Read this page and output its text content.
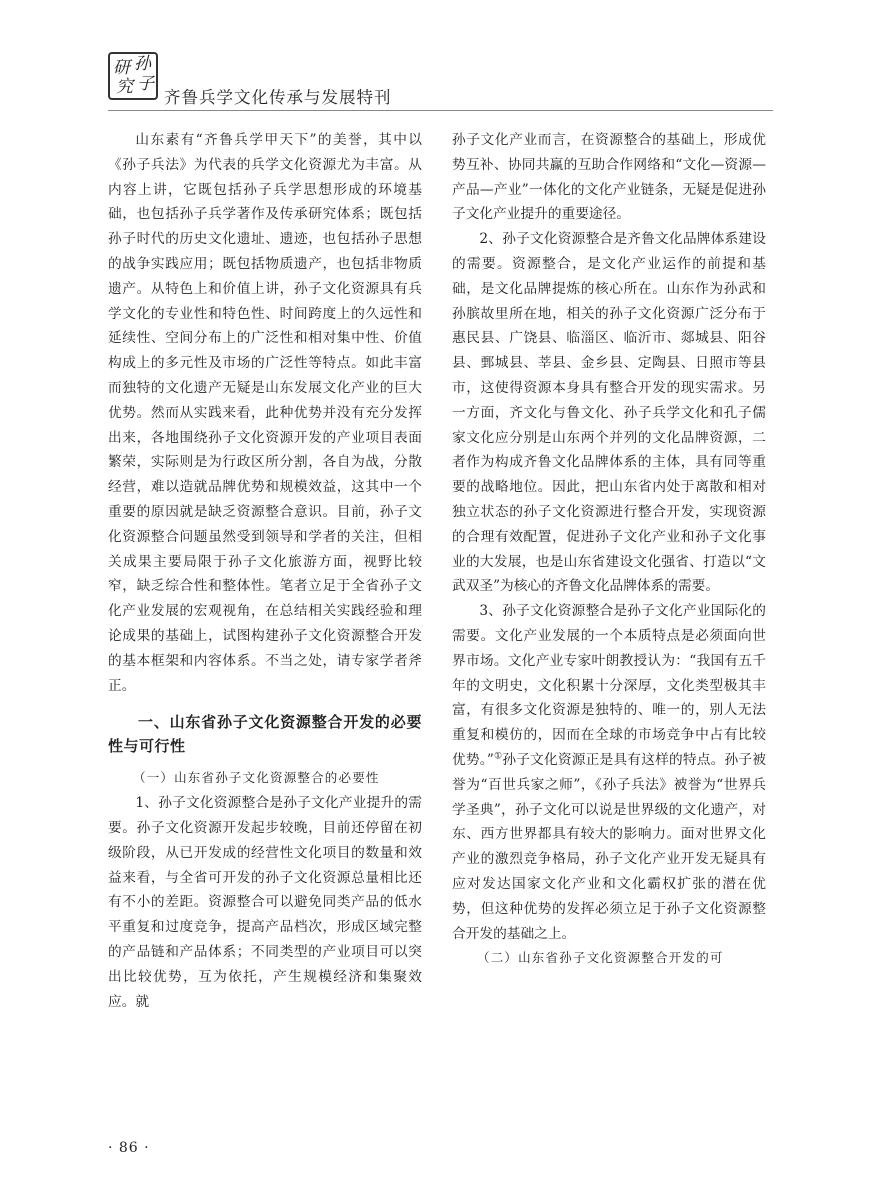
研 孙
究 子
齐鲁兵学文化传承与发展特刊

山东素有“齐鲁兵学甲天下”的美誉，其中以《孙子兵法》为代表的兵学文化资源尤为丰富。从内容上讲，它既包括孙子兵学思想形成的环境基础，也包括孙子兵学著作及传承研究体系；既包括孙子时代的历史文化遗址、遗迹，也包括孙子思想的战争实践应用；既包括物质遗产，也包括非物质遗产。从特色上和价值上讲，孙子文化资源具有兵学文化的专业性和特色性、时间跨度上的久远性和延续性、空间分布上的广泛性和相对集中性、价值构成上的多元性及市场的广泛性等特点。如此丰富而独特的文化遗产无疑是山东发展文化产业的巨大优势。然而从实践来看，此种优势并没有充分发挥出来，各地围绕孙子文化资源开发的产业项目表面繁荣，实际则是为行政区所分割，各自为战，分散经营，难以造就品牌优势和规模效益，这其中一个重要的原因就是缺乏资源整合意识。目前，孙子文化资源整合问题虽然受到领导和学者的关注，但相关成果主要局限于孙子文化旅游方面，视野比较窄，缺乏综合性和整体性。笔者立足于全省孙子文化产业发展的宏观视角，在总结相关实践经验和理论成果的基础上，试图构建孙子文化资源整合开发的基本框架和内容体系。不当之处，请专家学者斧正。

一、山东省孙子文化资源整合开发的必要性与可行性

（一）山东省孙子文化资源整合的必要性

1、孙子文化资源整合是孙子文化产业提升的需要。孙子文化资源开发起步较晚，目前还停留在初级阶段，从已开发成的经营性文化项目的数量和效益来看，与全省可开发的孙子文化资源总量相比还有不小的差距。资源整合可以避免同类产品的低水平重复和过度竞争，提高产品档次，形成区域完整的产品链和产品体系；不同类型的产业项目可以突出比较优势，互为依托，产生规模经济和集聚效应。就

孙子文化产业而言，在资源整合的基础上，形成优势互补、协同共赢的互助合作网络和“文化—资源—产品—产业”一体化的文化产业链条，无疑是促进孙子文化产业提升的重要途径。

2、孙子文化资源整合是齐鲁文化品牌体系建设的需要。资源整合，是文化产业运作的前提和基础，是文化品牌提炼的核心所在。山东作为孙武和孙膑故里所在地，相关的孙子文化资源广泛分布于惠民县、广饶县、临淄区、临沂市、郯城县、阳谷县、鄄城县、莘县、金乡县、定陶县、日照市等县市，这使得资源本身具有整合开发的现实需求。另一方面，齐文化与鲁文化、孙子兵学文化和孔子儒家文化应分别是山东两个并列的文化品牌资源，二者作为构成齐鲁文化品牌体系的主体，具有同等重要的战略地位。因此，把山东省内处于离散和相对独立状态的孙子文化资源进行整合开发，实现资源的合理有效配置，促进孙子文化产业和孙子文化事业的大发展，也是山东省建设文化强省、打造以“文武双圣”为核心的齐鲁文化品牌体系的需要。

3、孙子文化资源整合是孙子文化产业国际化的需要。文化产业发展的一个本质特点是必须面向世界市场。文化产业专家叶朗教授认为：“我国有五千年的文明史，文化积累十分深厚，文化类型极其丰富，有很多文化资源是独特的、唯一的，别人无法重复和模仿的，因而在全球的市场竞争中占有比较优势。”①孙子文化资源正是具有这样的特点。孙子被誉为“百世兵家之师”，《孙子兵法》被誉为“世界兵学圣典”，孙子文化可以说是世界级的文化遗产，对东、西方世界都具有较大的影响力。面对世界文化产业的激烈竞争格局，孙子文化产业开发无疑具有应对发达国家文化产业和文化霸权扩张的潜在优势，但这种优势的发挥必须立足于孙子文化资源整合开发的基础之上。

（二）山东省孙子文化资源整合开发的可

· 86 ·
